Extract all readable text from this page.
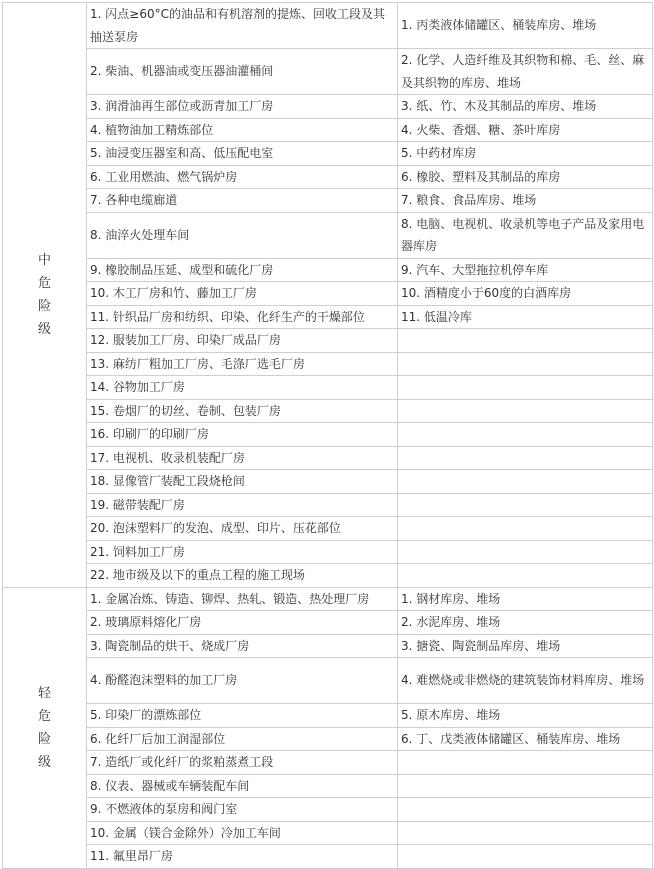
中危险级	1. 闪点≥60°C的油品和有机溶剂的提炼、回收工段及其抽送泵房	1. 丙类液体储罐区、桶装库房、堆场
	2. 柴油、机器油或变压器油灌桶间	2. 化学、人造纤维及其织物和棉、毛、丝、麻及其织物的库房、堆场
	3. 润滑油再生部位或沥青加工厂房	3. 纸、竹、木及其制品的库房、堆场
	4. 植物油加工精炼部位	4. 火柴、香烟、糖、茶叶库房
	5. 油浸变压器室和高、低压配电室	5. 中药材库房
	6. 工业用燃油、燃气锅炉房	6. 橡胶、塑料及其制品的库房
	7. 各种电缆廊道	7. 粮食、食品库房、堆场
	8. 油淬火处理车间	8. 电脑、电视机、收录机等电子产品及家用电器库房
	9. 橡胶制品压延、成型和硫化厂房	9. 汽车、大型拖拉机停车库
	10. 木工厂房和竹、藤加工厂房	10. 酒精度小于60度的白酒库房
	11. 针织品厂房和纺织、印染、化纤生产的干燥部位	11. 低温冷库
	12. 服装加工厂房、印染厂成品厂房	
	13. 麻纺厂粗加工厂房、毛涤厂选毛厂房	
	14. 谷物加工厂房	
	15. 卷烟厂的切丝、卷制、包装厂房	
	16. 印刷厂的印刷厂房	
	17. 电视机、收录机装配厂房	
	18. 显像管厂装配工段烧枪间	
	19. 磁带装配厂房	
	20. 泡沫塑料厂的发泡、成型、印片、压花部位	
	21. 饲料加工厂房	
	22. 地市级及以下的重点工程的施工现场	
轻危险级	1. 金属冶炼、铸造、铆焊、热轧、锻造、热处理厂房	1. 钢材库房、堆场
	2. 玻璃原料熔化厂房	2. 水泥库房、堆场
	3. 陶瓷制品的烘干、烧成厂房	3. 搪瓷、陶瓷制品库房、堆场
	4. 酚醛泡沫塑料的加工厂房	4. 难燃烧或非燃烧的建筑装饰材料库房、堆场
	5. 印染厂的漂炼部位	5. 原木库房、堆场
	6. 化纤厂后加工润湿部位	6. 丁、戊类液体储罐区、桶装库房、堆场
	7. 造纸厂或化纤厂的浆粕蒸煮工段	
	8. 仪表、器械或车辆装配车间	
	9. 不燃液体的泵房和阀门室	
	10. 金属（镁合金除外）冷加工车间	
	11. 氟里昂厂房	
